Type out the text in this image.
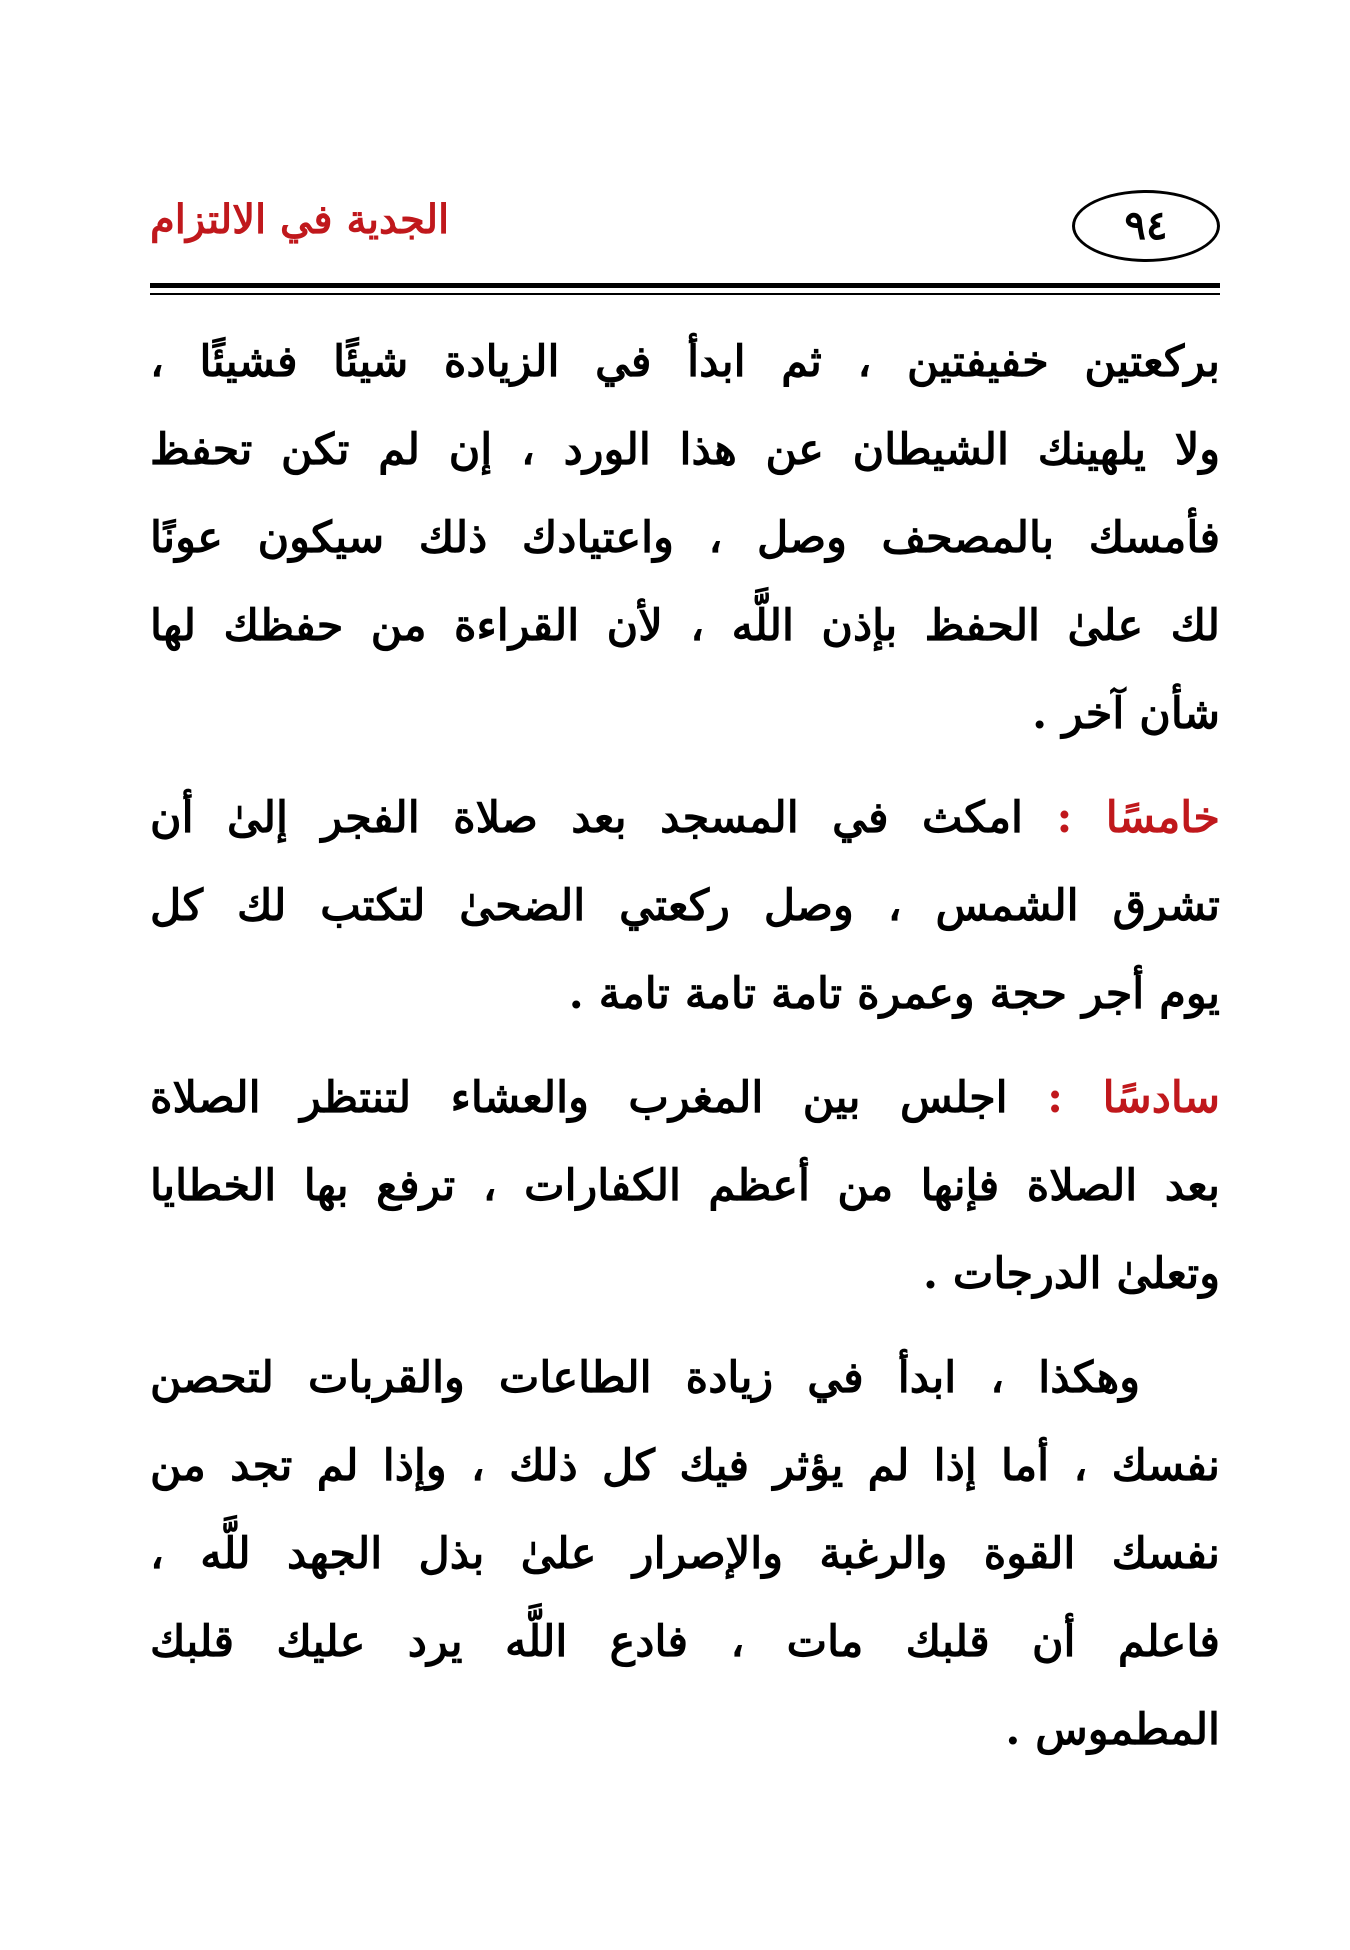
٩٤
الجدية في الالتزام

بركعتين خفيفتين ، ثم ابدأ في الزيادة شيئًا فشيئًا ،
ولا يلهينك الشيطان عن هذا الورد ، إن لم تكن تحفظ
فأمسك بالمصحف وصل ، واعتيادك ذلك سيكون عونًا
لك علىٰ الحفظ بإذن اللَّه ، لأن القراءة من حفظك لها
شأن آخر .

خامسًا : امكث في المسجد بعد صلاة الفجر إلىٰ أن
تشرق الشمس ، وصل ركعتي الضحىٰ لتكتب لك كل
يوم أجر حجة وعمرة تامة تامة تامة .

سادسًا : اجلس بين المغرب والعشاء لتنتظر الصلاة
بعد الصلاة فإنها من أعظم الكفارات ، ترفع بها الخطايا
وتعلىٰ الدرجات .

وهكذا ، ابدأ في زيادة الطاعات والقربات لتحصن
نفسك ، أما إذا لم يؤثر فيك كل ذلك ، وإذا لم تجد من
نفسك القوة والرغبة والإصرار علىٰ بذل الجهد للَّه ،
فاعلم أن قلبك مات ، فادع اللَّه يرد عليك قلبك
المطموس .
